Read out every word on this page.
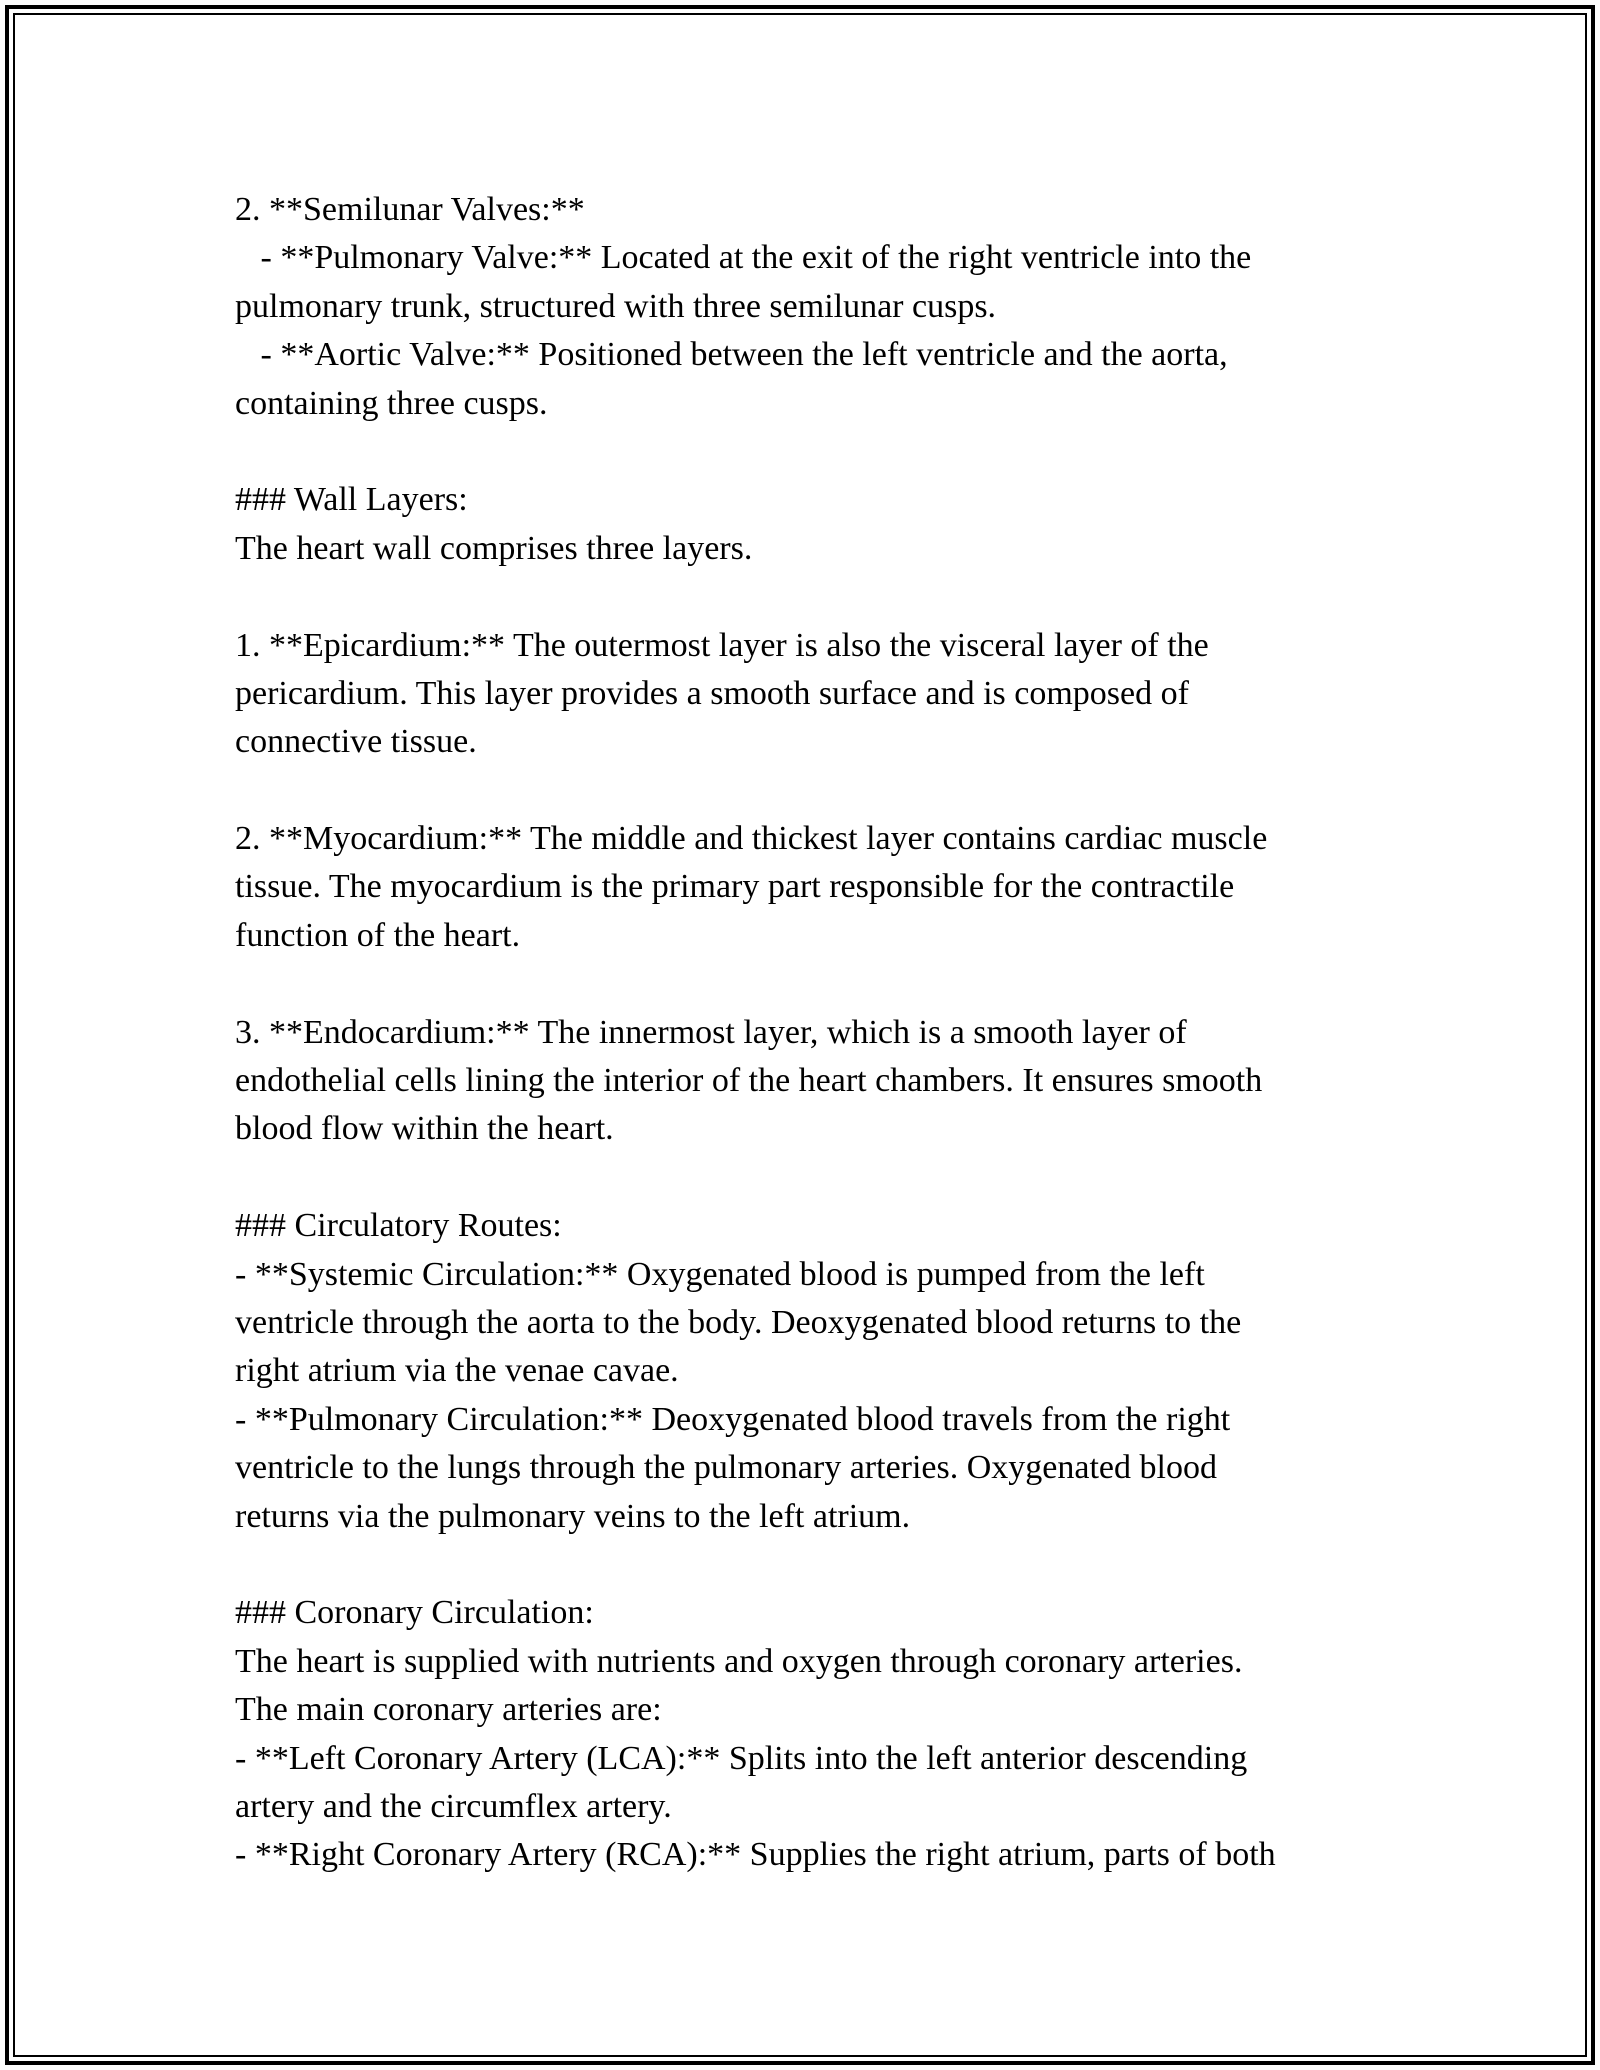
2. **Semilunar Valves:**

- **Pulmonary Valve:** Located at the exit of the right ventricle into the

pulmonary trunk, structured with three semilunar cusps.

- **Aortic Valve:** Positioned between the left ventricle and the aorta,

containing three cusps.

### Wall Layers:

The heart wall comprises three layers.

1. **Epicardium:** The outermost layer is also the visceral layer of the

pericardium. This layer provides a smooth surface and is composed of

connective tissue.

2. **Myocardium:** The middle and thickest layer contains cardiac muscle

tissue. The myocardium is the primary part responsible for the contractile

function of the heart.

3. **Endocardium:** The innermost layer, which is a smooth layer of

endothelial cells lining the interior of the heart chambers. It ensures smooth

blood flow within the heart.

### Circulatory Routes:

- **Systemic Circulation:** Oxygenated blood is pumped from the left

ventricle through the aorta to the body. Deoxygenated blood returns to the

right atrium via the venae cavae.

- **Pulmonary Circulation:** Deoxygenated blood travels from the right

ventricle to the lungs through the pulmonary arteries. Oxygenated blood

returns via the pulmonary veins to the left atrium.

### Coronary Circulation:

The heart is supplied with nutrients and oxygen through coronary arteries.

The main coronary arteries are:

- **Left Coronary Artery (LCA):** Splits into the left anterior descending

artery and the circumflex artery.

- **Right Coronary Artery (RCA):** Supplies the right atrium, parts of both
